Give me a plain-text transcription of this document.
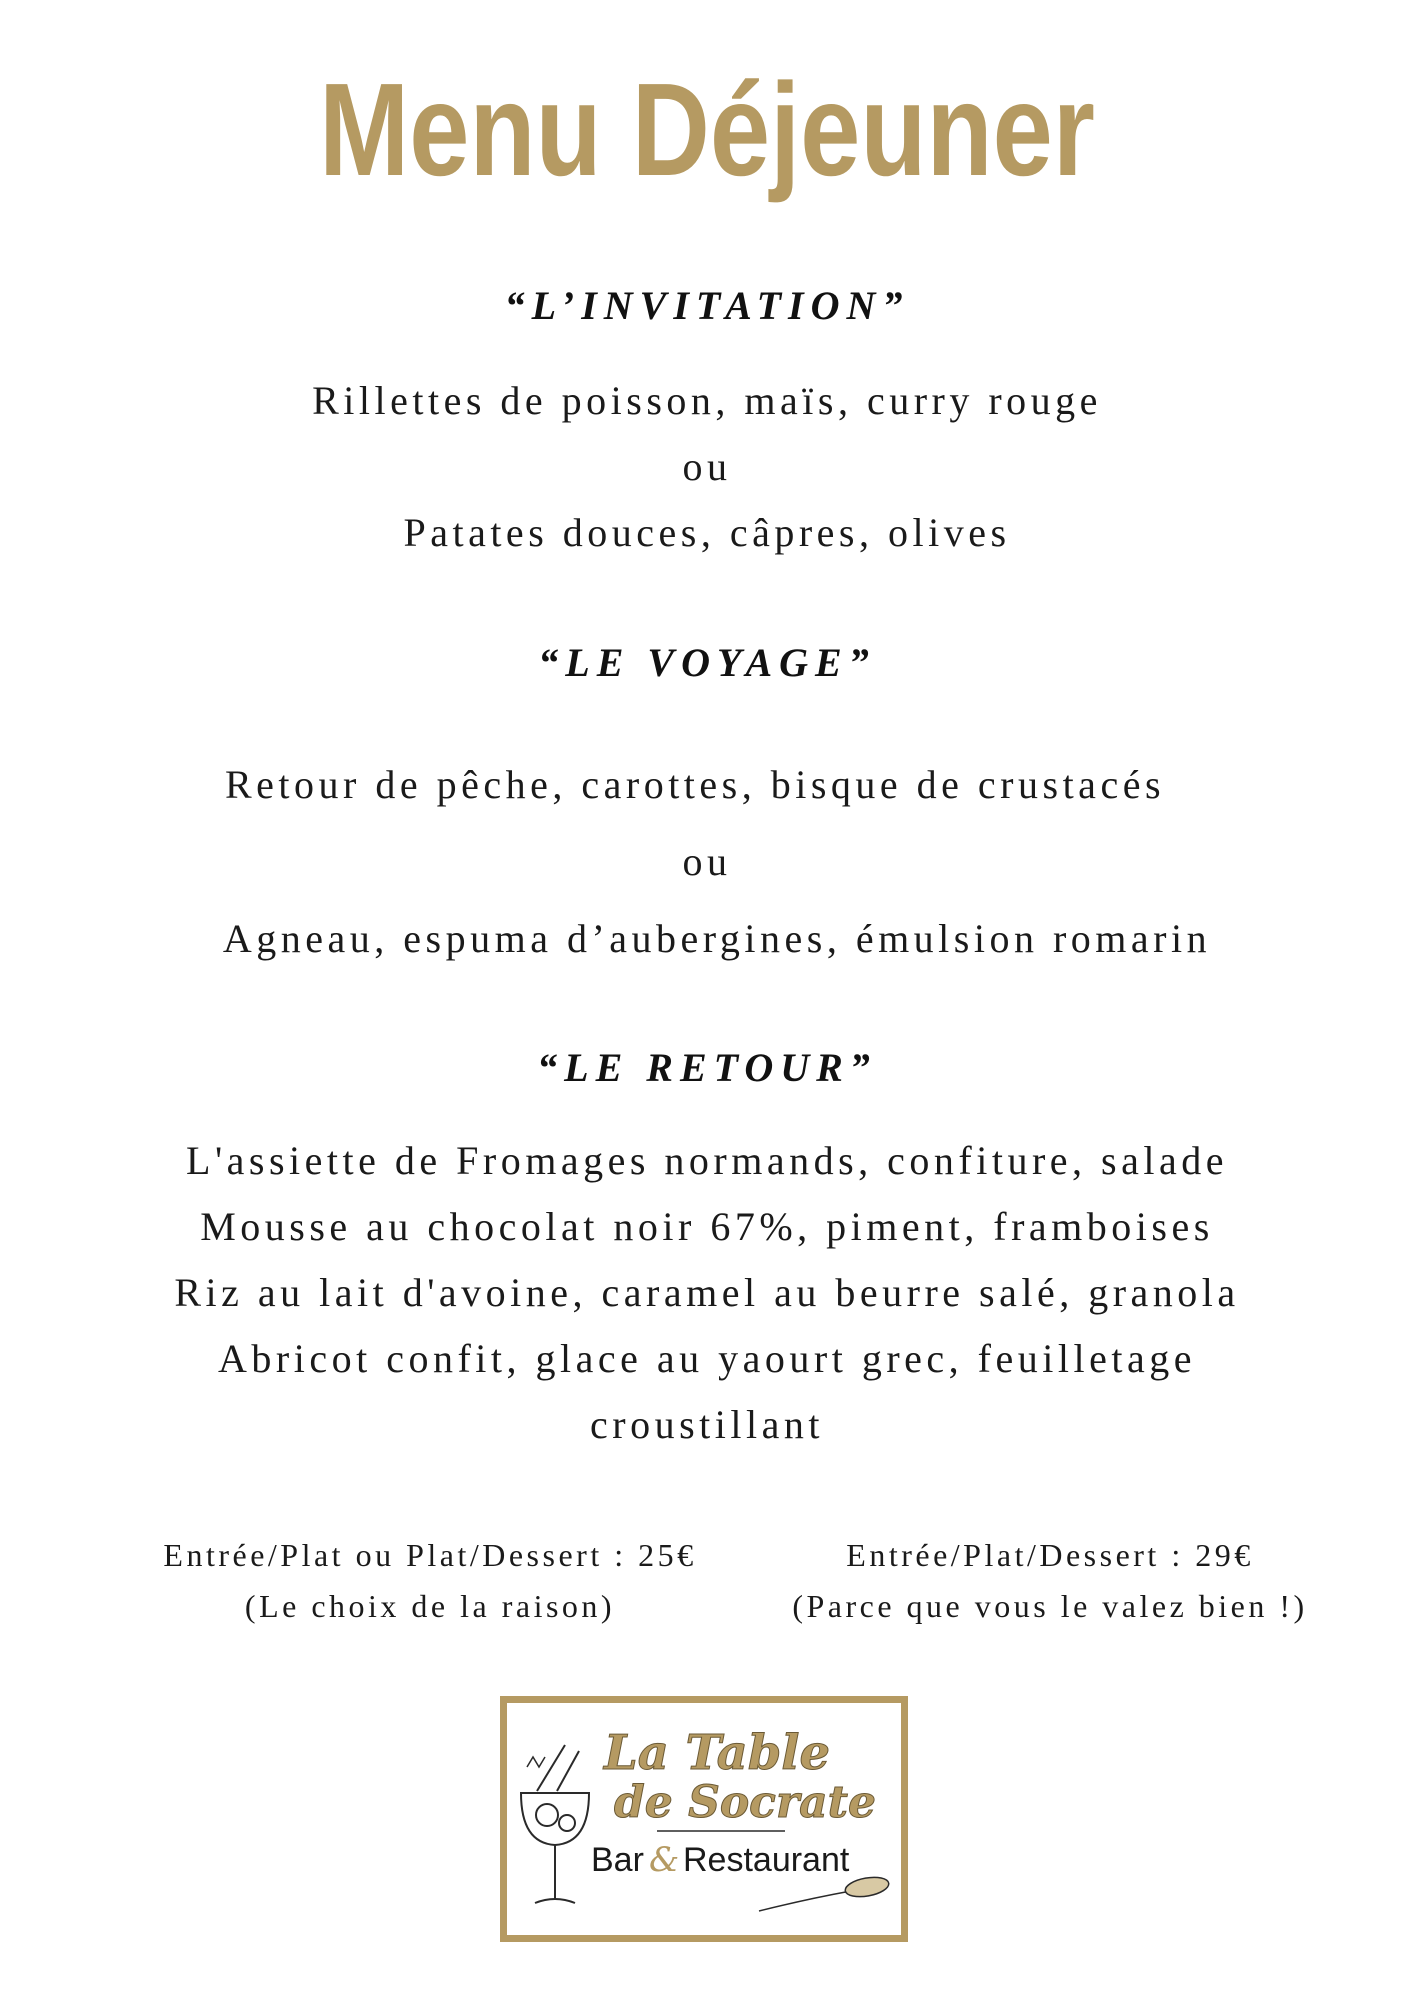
Menu Déjeuner
“L’INVITATION”
Rillettes de poisson, maïs, curry rouge
ou
Patates douces, câpres, olives
“LE VOYAGE”
Retour de pêche, carottes, bisque de crustacés
ou
Agneau, espuma d’aubergines, émulsion romarin
“LE RETOUR”
L'assiette de Fromages normands, confiture, salade
Mousse au chocolat noir 67%, piment, framboises
Riz au lait d'avoine, caramel au beurre salé, granola
Abricot confit, glace au yaourt grec, feuilletage
croustillant
Entrée/Plat ou Plat/Dessert : 25€
(Le choix de la raison)
Entrée/Plat/Dessert : 29€
(Parce que vous le valez bien !)
La Table
de Socrate
Bar & Restaurant
